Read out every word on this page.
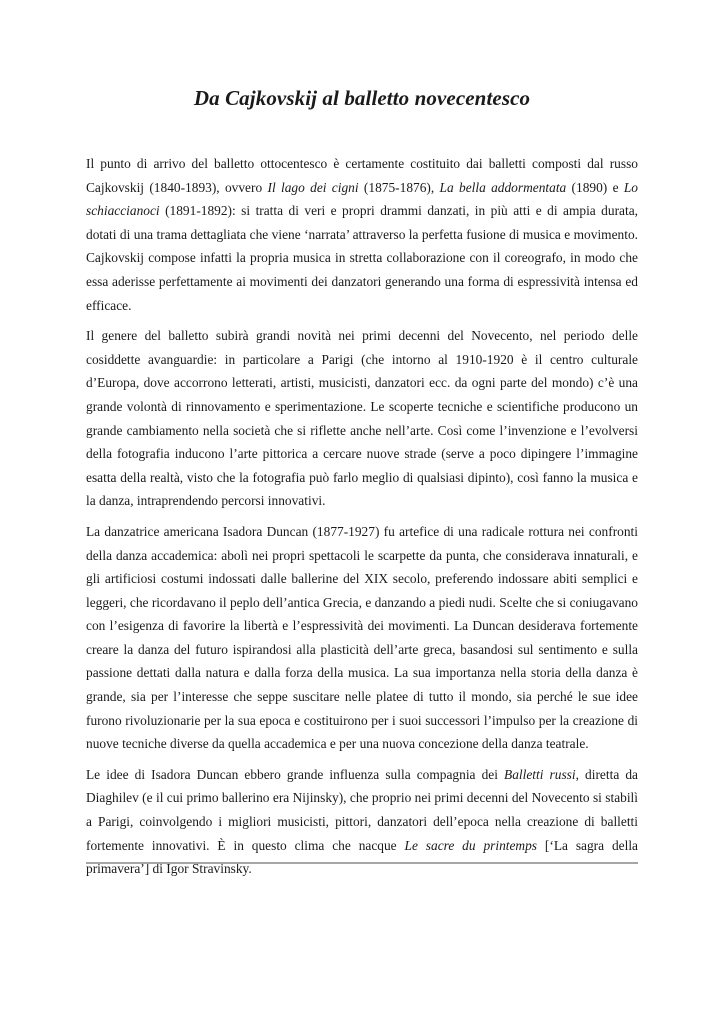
Da Cajkovskij al balletto novecentesco

Il punto di arrivo del balletto ottocentesco è certamente costituito dai balletti composti dal russo Cajkovskij (1840-1893), ovvero Il lago dei cigni (1875-1876), La bella addormentata (1890) e Lo schiaccianoci (1891-1892): si tratta di veri e propri drammi danzati, in più atti e di ampia durata, dotati di una trama dettagliata che viene ‘narrata’ attraverso la perfetta fusione di musica e movimento. Cajkovskij compose infatti la propria musica in stretta collaborazione con il coreografo, in modo che essa aderisse perfettamente ai movimenti dei danzatori generando una forma di espressività intensa ed efficace.

Il genere del balletto subirà grandi novità nei primi decenni del Novecento, nel periodo delle cosiddette avanguardie: in particolare a Parigi (che intorno al 1910-1920 è il centro culturale d’Europa, dove accorrono letterati, artisti, musicisti, danzatori ecc. da ogni parte del mondo) c’è una grande volontà di rinnovamento e sperimentazione. Le scoperte tecniche e scientifiche producono un grande cambiamento nella società che si riflette anche nell’arte. Così come l’invenzione e l’evolversi della fotografia inducono l’arte pittorica a cercare nuove strade (serve a poco dipingere l’immagine esatta della realtà, visto che la fotografia può farlo meglio di qualsiasi dipinto), così fanno la musica e la danza, intraprendendo percorsi innovativi.

La danzatrice americana Isadora Duncan (1877-1927) fu artefice di una radicale rottura nei confronti della danza accademica: abolì nei propri spettacoli le scarpette da punta, che considerava innaturali, e gli artificiosi costumi indossati dalle ballerine del XIX secolo, preferendo indossare abiti semplici e leggeri, che ricordavano il peplo dell’antica Grecia, e danzando a piedi nudi. Scelte che si coniugavano con l’esigenza di favorire la libertà e l’espressività dei movimenti. La Duncan desiderava fortemente creare la danza del futuro ispirandosi alla plasticità dell’arte greca, basandosi sul sentimento e sulla passione dettati dalla natura e dalla forza della musica. La sua importanza nella storia della danza è grande, sia per l’interesse che seppe suscitare nelle platee di tutto il mondo, sia perché le sue idee furono rivoluzionarie per la sua epoca e costituirono per i suoi successori l’impulso per la creazione di nuove tecniche diverse da quella accademica e per una nuova concezione della danza teatrale.

Le idee di Isadora Duncan ebbero grande influenza sulla compagnia dei Balletti russi, diretta da Diaghilev (e il cui primo ballerino era Nijinsky), che proprio nei primi decenni del Novecento si stabilì a Parigi, coinvolgendo i migliori musicisti, pittori, danzatori dell’epoca nella creazione di balletti fortemente innovativi. È in questo clima che nacque Le sacre du printemps [‘La sagra della primavera’] di Igor Stravinsky.
